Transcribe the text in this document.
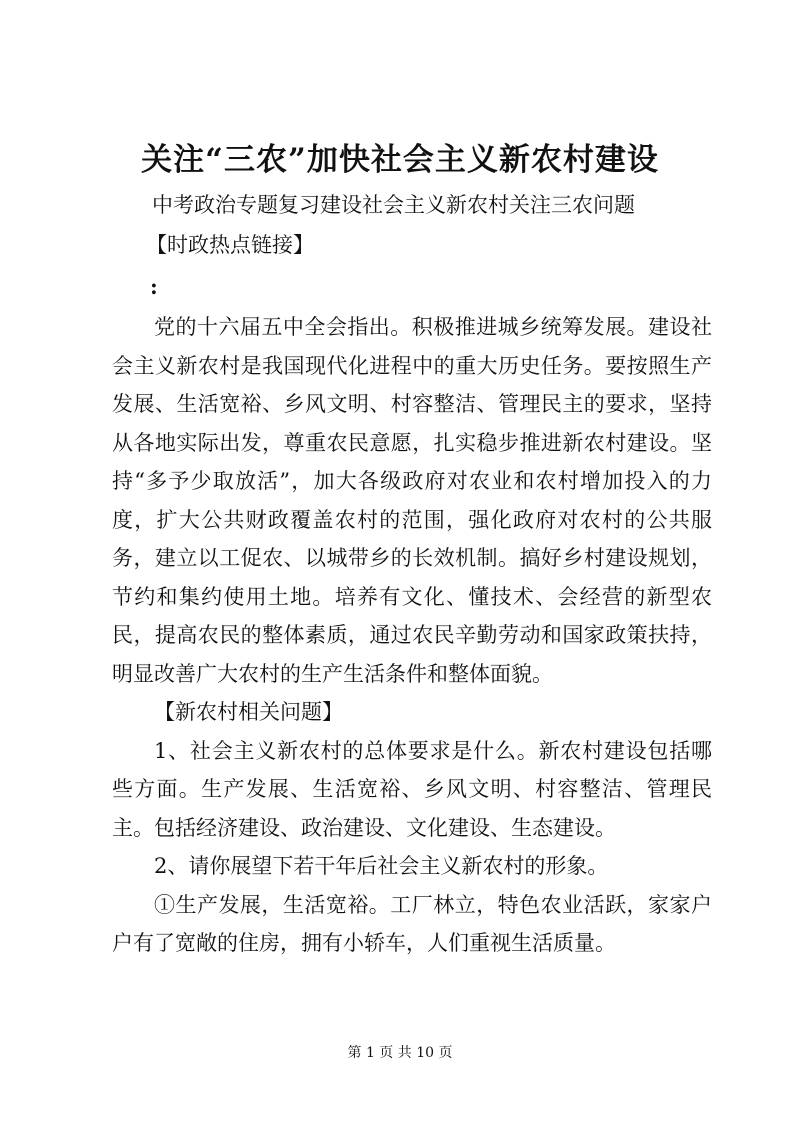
关注“三农”加快社会主义新农村建设
中考政治专题复习建设社会主义新农村关注三农问题
【时政热点链接】
:

党的十六届五中全会指出。积极推进城乡统筹发展。建设社会主义新农村是我国现代化进程中的重大历史任务。要按照生产发展、生活宽裕、乡风文明、村容整洁、管理民主的要求，坚持从各地实际出发，尊重农民意愿，扎实稳步推进新农村建设。坚持“多予少取放活”，加大各级政府对农业和农村增加投入的力度，扩大公共财政覆盖农村的范围，强化政府对农村的公共服务，建立以工促农、以城带乡的长效机制。搞好乡村建设规划，节约和集约使用土地。培养有文化、懂技术、会经营的新型农民，提高农民的整体素质，通过农民辛勤劳动和国家政策扶持，明显改善广大农村的生产生活条件和整体面貌。

【新农村相关问题】

1、社会主义新农村的总体要求是什么。新农村建设包括哪些方面。生产发展、生活宽裕、乡风文明、村容整洁、管理民主。包括经济建设、政治建设、文化建设、生态建设。

2、请你展望下若干年后社会主义新农村的形象。

①生产发展，生活宽裕。工厂林立，特色农业活跃，家家户户有了宽敞的住房，拥有小轿车，人们重视生活质量。

第 1 页 共 10 页
